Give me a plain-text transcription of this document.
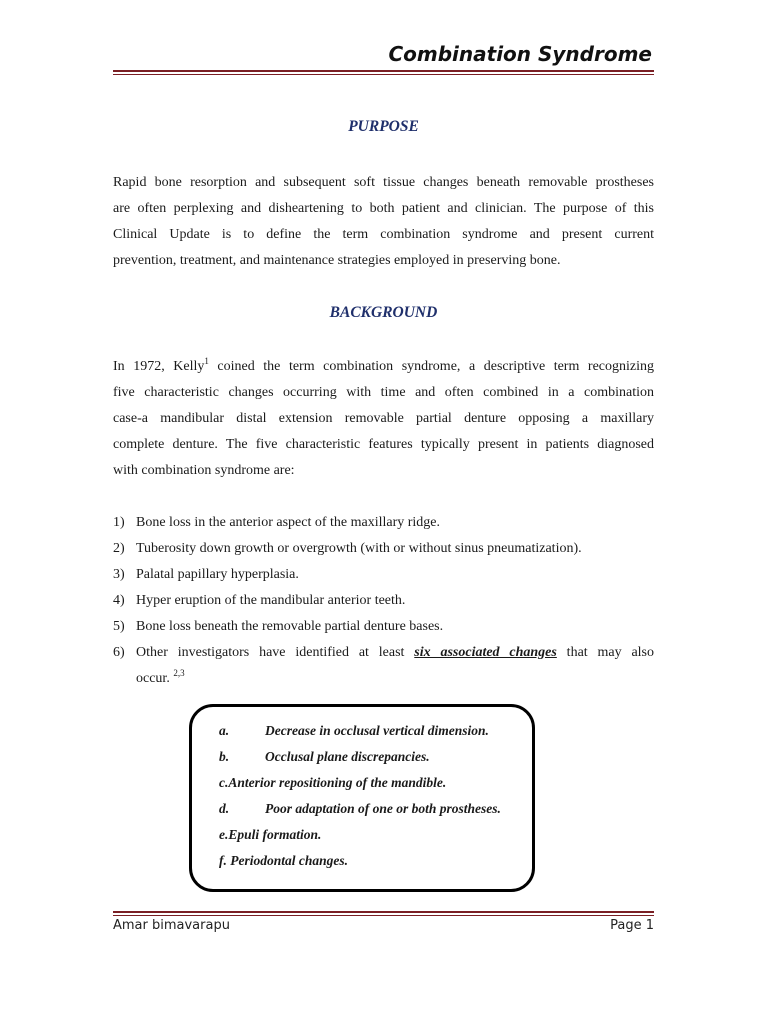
Combination Syndrome
PURPOSE
Rapid bone resorption and subsequent soft tissue changes beneath removable prostheses
are often perplexing and disheartening to both patient and clinician. The purpose of this
Clinical Update is to define the term combination syndrome and present current
prevention, treatment, and maintenance strategies employed in preserving bone.
BACKGROUND
In 1972, Kelly$^1$ coined the term combination syndrome, a descriptive term recognizing
five characteristic changes occurring with time and often combined in a combination
case-a mandibular distal extension removable partial denture opposing a maxillary
complete denture. The five characteristic features typically present in patients diagnosed
with combination syndrome are:
1) Bone loss in the anterior aspect of the maxillary ridge.
2) Tuberosity down growth or overgrowth (with or without sinus pneumatization).
3) Palatal papillary hyperplasia.
4) Hyper eruption of the mandibular anterior teeth.
5) Bone loss beneath the removable partial denture bases.
6) Other investigators have identified at least six associated changes that may also
occur. $^{2,3}$
a.	Decrease in occlusal vertical dimension.
b.	Occlusal plane discrepancies.
c.Anterior repositioning of the mandible.
d.	Poor adaptation of one or both prostheses.
e.Epuli formation.
f. Periodontal changes.
Amar bimavarapu	Page 1
